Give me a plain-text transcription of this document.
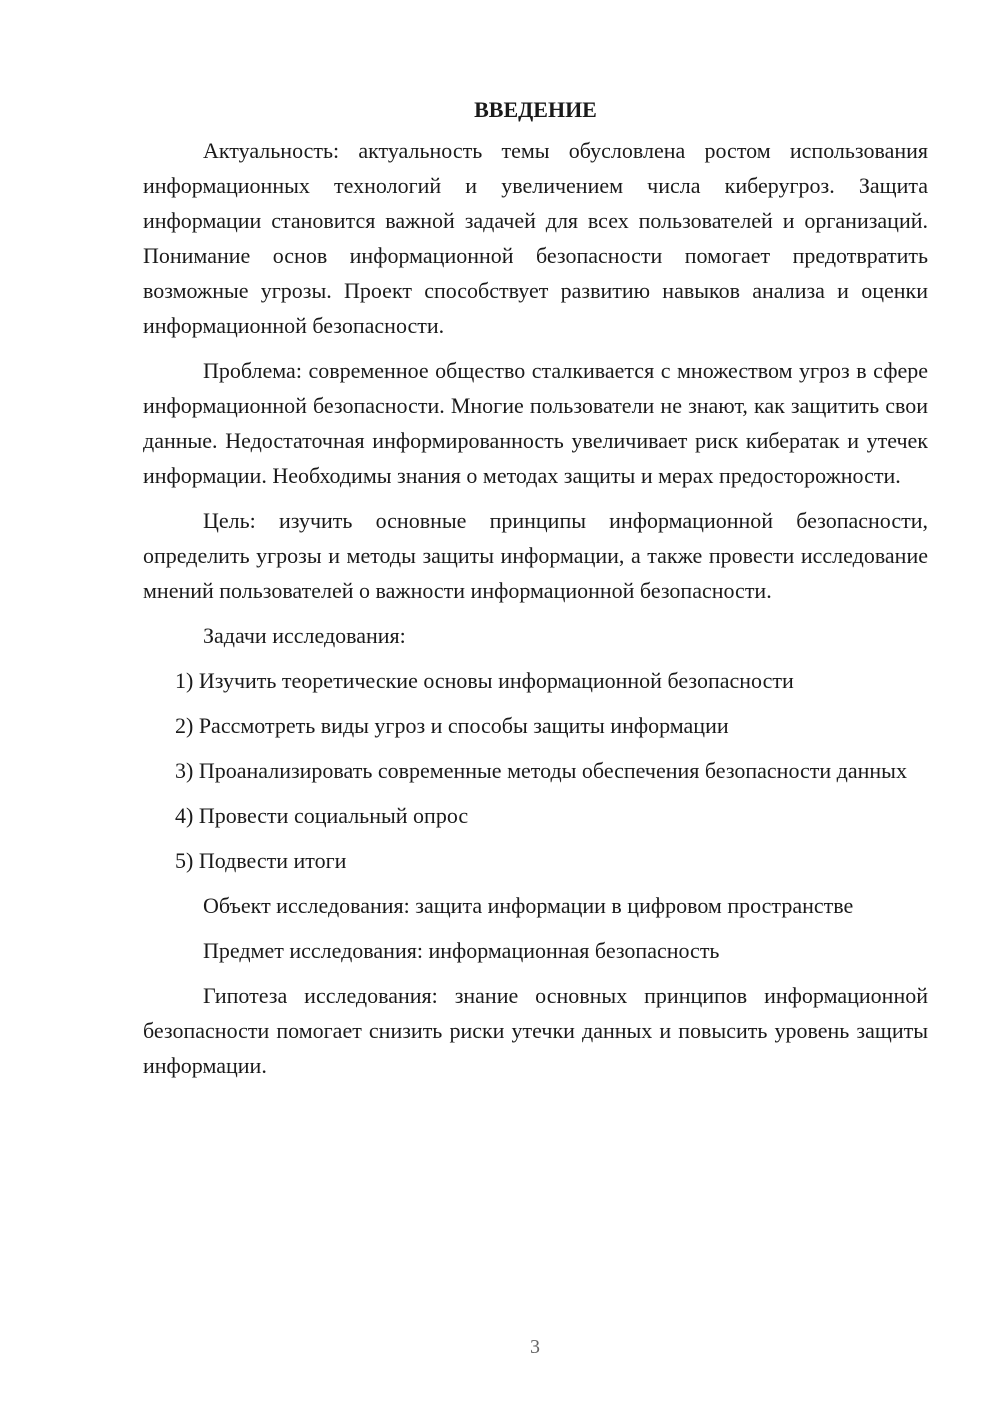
ВВЕДЕНИЕ

Актуальность: актуальность темы обусловлена ростом использования информационных технологий и увеличением числа киберугроз. Защита информации становится важной задачей для всех пользователей и организаций. Понимание основ информационной безопасности помогает предотвратить возможные угрозы. Проект способствует развитию навыков анализа и оценки информационной безопасности.

Проблема: современное общество сталкивается с множеством угроз в сфере информационной безопасности. Многие пользователи не знают, как защитить свои данные. Недостаточная информированность увеличивает риск кибератак и утечек информации. Необходимы знания о методах защиты и мерах предосторожности.

Цель: изучить основные принципы информационной безопасности, определить угрозы и методы защиты информации, а также провести исследование мнений пользователей о важности информационной безопасности.

Задачи исследования:

1) Изучить теоретические основы информационной безопасности

2) Рассмотреть виды угроз и способы защиты информации

3) Проанализировать современные методы обеспечения безопасности данных

4) Провести социальный опрос

5) Подвести итоги

Объект исследования: защита информации в цифровом пространстве

Предмет исследования: информационная безопасность

Гипотеза исследования: знание основных принципов информационной безопасности помогает снизить риски утечки данных и повысить уровень защиты информации.

3
